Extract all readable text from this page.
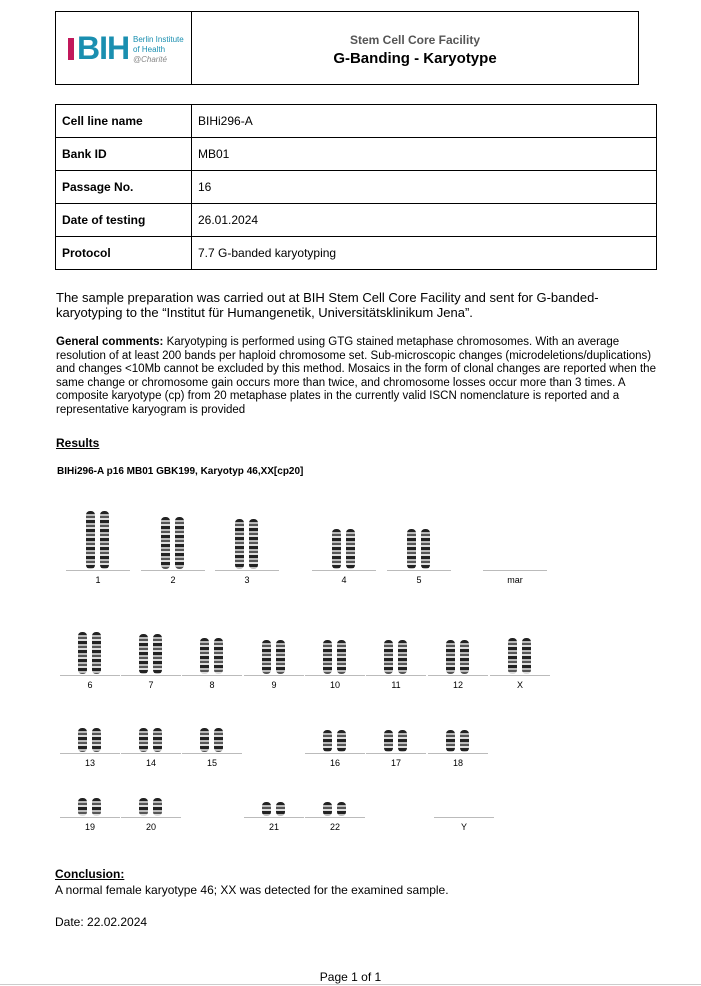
BIH Berlin Institute
of Health
@Charité
Stem Cell Core Facility
G-Banding - Karyotype
Cell line name	BIHi296-A
Bank ID	MB01
Passage No.	16
Date of testing	26.01.2024
Protocol	7.7 G-banded karyotyping
The sample preparation was carried out at BIH Stem Cell Core Facility and sent for G-banded-karyotyping to the “Institut für Humangenetik, Universitätsklinikum Jena”.
General comments: Karyotyping is performed using GTG stained metaphase chromosomes. With an average resolution of at least 200 bands per haploid chromosome set. Sub-microscopic changes (microdeletions/duplications) and changes <10Mb cannot be excluded by this method. Mosaics in the form of clonal changes are reported when the same change or chromosome gain occurs more than twice, and chromosome losses occur more than 3 times. A composite karyotype (cp) from 20 metaphase plates in the currently valid ISCN nomenclature is reported and a representative karyogram is provided
Results
BIHi296-A p16 MB01 GBK199, Karyotyp 46,XX[cp20]
1	2	3	4	5	mar
6	7	8	9	10	11	12	X
13	14	15	16	17	18
19	20	21	22	Y
Conclusion:
A normal female karyotype 46; XX was detected for the examined sample.
Date: 22.02.2024
Page 1 of 1
